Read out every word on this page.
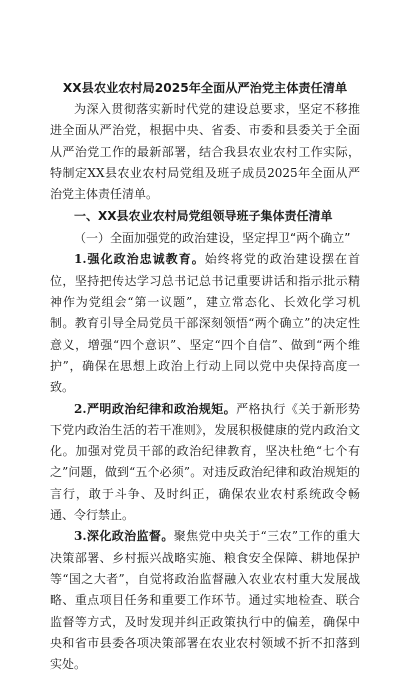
XX县农业农村局2025年全面从严治党主体责任清单

为深入贯彻落实新时代党的建设总要求，坚定不移推进全面从严治党，根据中央、省委、市委和县委关于全面从严治党工作的最新部署，结合我县农业农村工作实际，特制定XX县农业农村局党组及班子成员2025年全面从严治党主体责任清单。

一、XX县农业农村局党组领导班子集体责任清单

（一）全面加强党的政治建设，坚定捍卫“两个确立”

1.强化政治忠诚教育。始终将党的政治建设摆在首位，坚持把传达学习总书记总书记重要讲话和指示批示精神作为党组会“第一议题”，建立常态化、长效化学习机制。教育引导全局党员干部深刻领悟“两个确立”的决定性意义，增强“四个意识”、坚定“四个自信”、做到“两个维护”，确保在思想上政治上行动上同以党中央保持高度一致。

2.严明政治纪律和政治规矩。严格执行《关于新形势下党内政治生活的若干准则》，发展积极健康的党内政治文化。加强对党员干部的政治纪律教育，坚决杜绝“七个有之”问题，做到“五个必须”。对违反政治纪律和政治规矩的言行，敢于斗争、及时纠正，确保农业农村系统政令畅通、令行禁止。

3.深化政治监督。聚焦党中央关于“三农”工作的重大决策部署、乡村振兴战略实施、粮食安全保障、耕地保护等“国之大者”，自觉将政治监督融入农业农村重大发展战略、重点项目任务和重要工作环节。通过实地检查、联合监督等方式，及时发现并纠正政策执行中的偏差，确保中央和省市县委各项决策部署在农业农村领域不折不扣落到实处。
